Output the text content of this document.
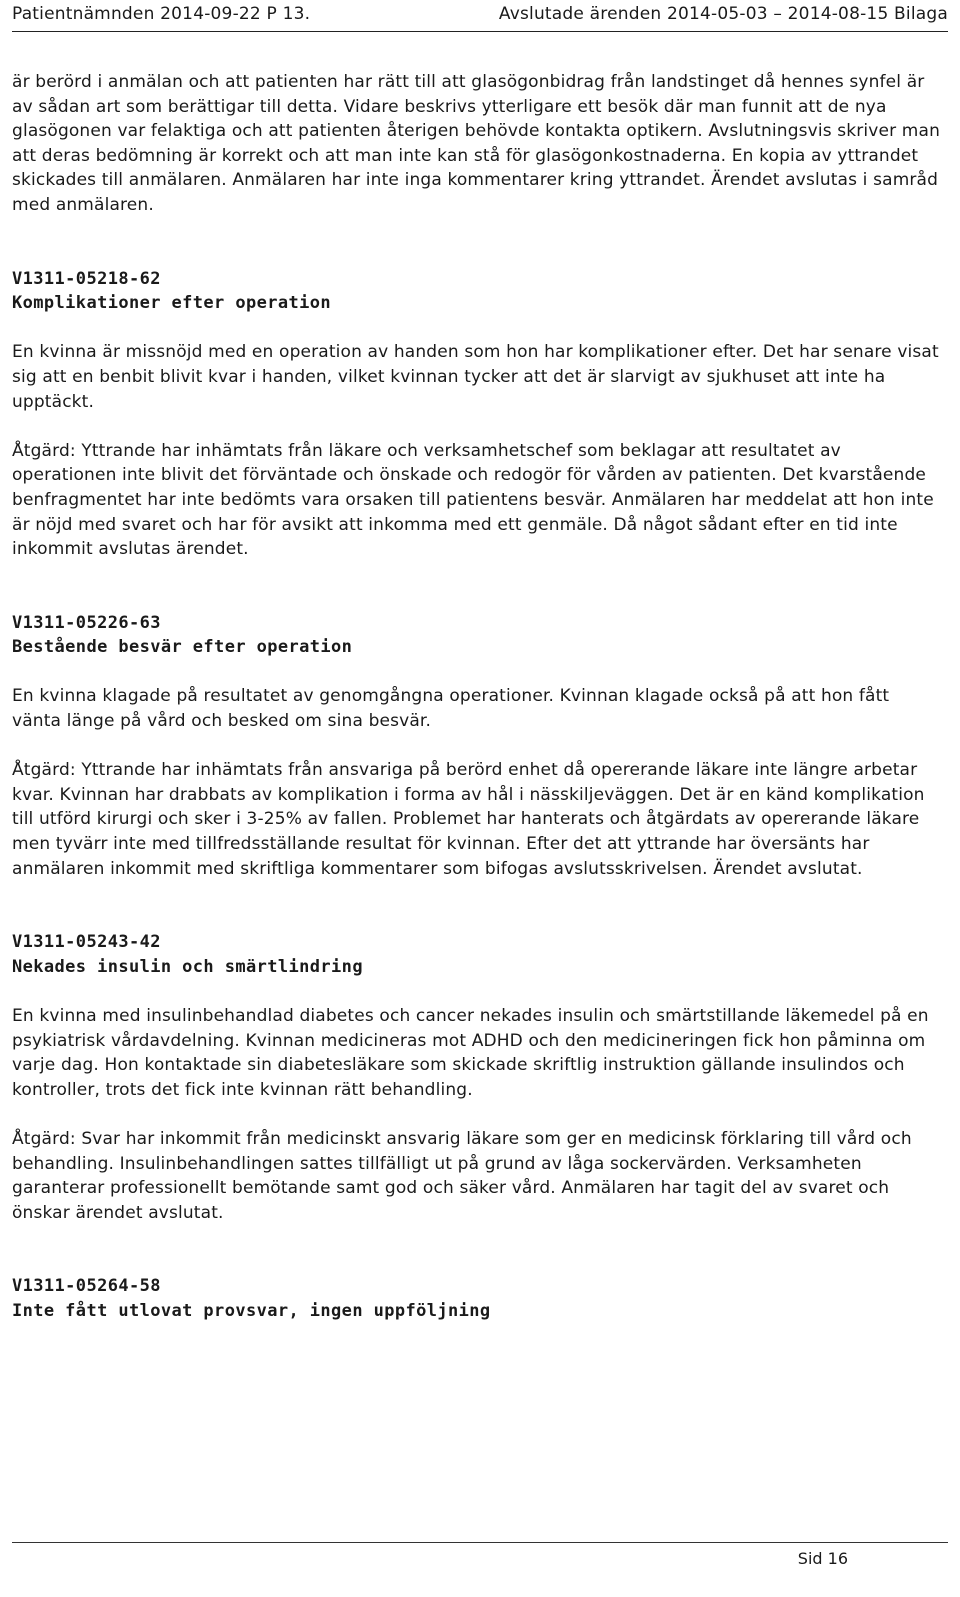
Patientnämnden 2014-09-22 P 13.	Avslutade ärenden 2014-05-03 – 2014-08-15 Bilaga

är berörd i anmälan och att patienten har rätt till att glasögonbidrag från landstinget då hennes synfel är av sådan art som berättigar till detta. Vidare beskrivs ytterligare ett besök där man funnit att de nya glasögonen var felaktiga och att patienten återigen behövde kontakta optikern. Avslutningsvis skriver man att deras bedömning är korrekt och att man inte kan stå för glasögonkostnaderna. En kopia av yttrandet skickades till anmälaren. Anmälaren har inte inga kommentarer kring yttrandet. Ärendet avslutas i samråd med anmälaren.

V1311-05218-62
Komplikationer efter operation

En kvinna är missnöjd med en operation av handen som hon har komplikationer efter. Det har senare visat sig att en benbit blivit kvar i handen, vilket kvinnan tycker att det är slarvigt av sjukhuset att inte ha upptäckt.

Åtgärd: Yttrande har inhämtats från läkare och verksamhetschef som beklagar att resultatet av operationen inte blivit det förväntade och önskade och redogör för vården av patienten. Det kvarstående benfragmentet har inte bedömts vara orsaken till patientens besvär. Anmälaren har meddelat att hon inte är nöjd med svaret och har för avsikt att inkomma med ett genmäle. Då något sådant efter en tid inte inkommit avslutas ärendet.

V1311-05226-63
Bestående besvär efter operation

En kvinna klagade på resultatet av genomgångna operationer. Kvinnan klagade också på att hon fått vänta länge på vård och besked om sina besvär.

Åtgärd: Yttrande har inhämtats från ansvariga på berörd enhet då opererande läkare inte längre arbetar kvar. Kvinnan har drabbats av komplikation i forma av hål i nässkiljeväggen. Det är en känd komplikation till utförd kirurgi och sker i 3-25% av fallen. Problemet har hanterats och åtgärdats av opererande läkare men tyvärr inte med tillfredsställande resultat för kvinnan. Efter det att yttrande har översänts har anmälaren inkommit med skriftliga kommentarer som bifogas avslutsskrivelsen. Ärendet avslutat.

V1311-05243-42
Nekades insulin och smärtlindring

En kvinna med insulinbehandlad diabetes och cancer nekades insulin och smärtstillande läkemedel på en psykiatrisk vårdavdelning. Kvinnan medicineras mot ADHD och den medicineringen fick hon påminna om varje dag. Hon kontaktade sin diabetesläkare som skickade skriftlig instruktion gällande insulindos och kontroller, trots det fick inte kvinnan rätt behandling.

Åtgärd: Svar har inkommit från medicinskt ansvarig läkare som ger en medicinsk förklaring till vård och behandling. Insulinbehandlingen sattes tillfälligt ut på grund av låga sockervärden. Verksamheten garanterar professionellt bemötande samt god och säker vård. Anmälaren har tagit del av svaret och önskar ärendet avslutat.

V1311-05264-58
Inte fått utlovat provsvar, ingen uppföljning
Sid 16
